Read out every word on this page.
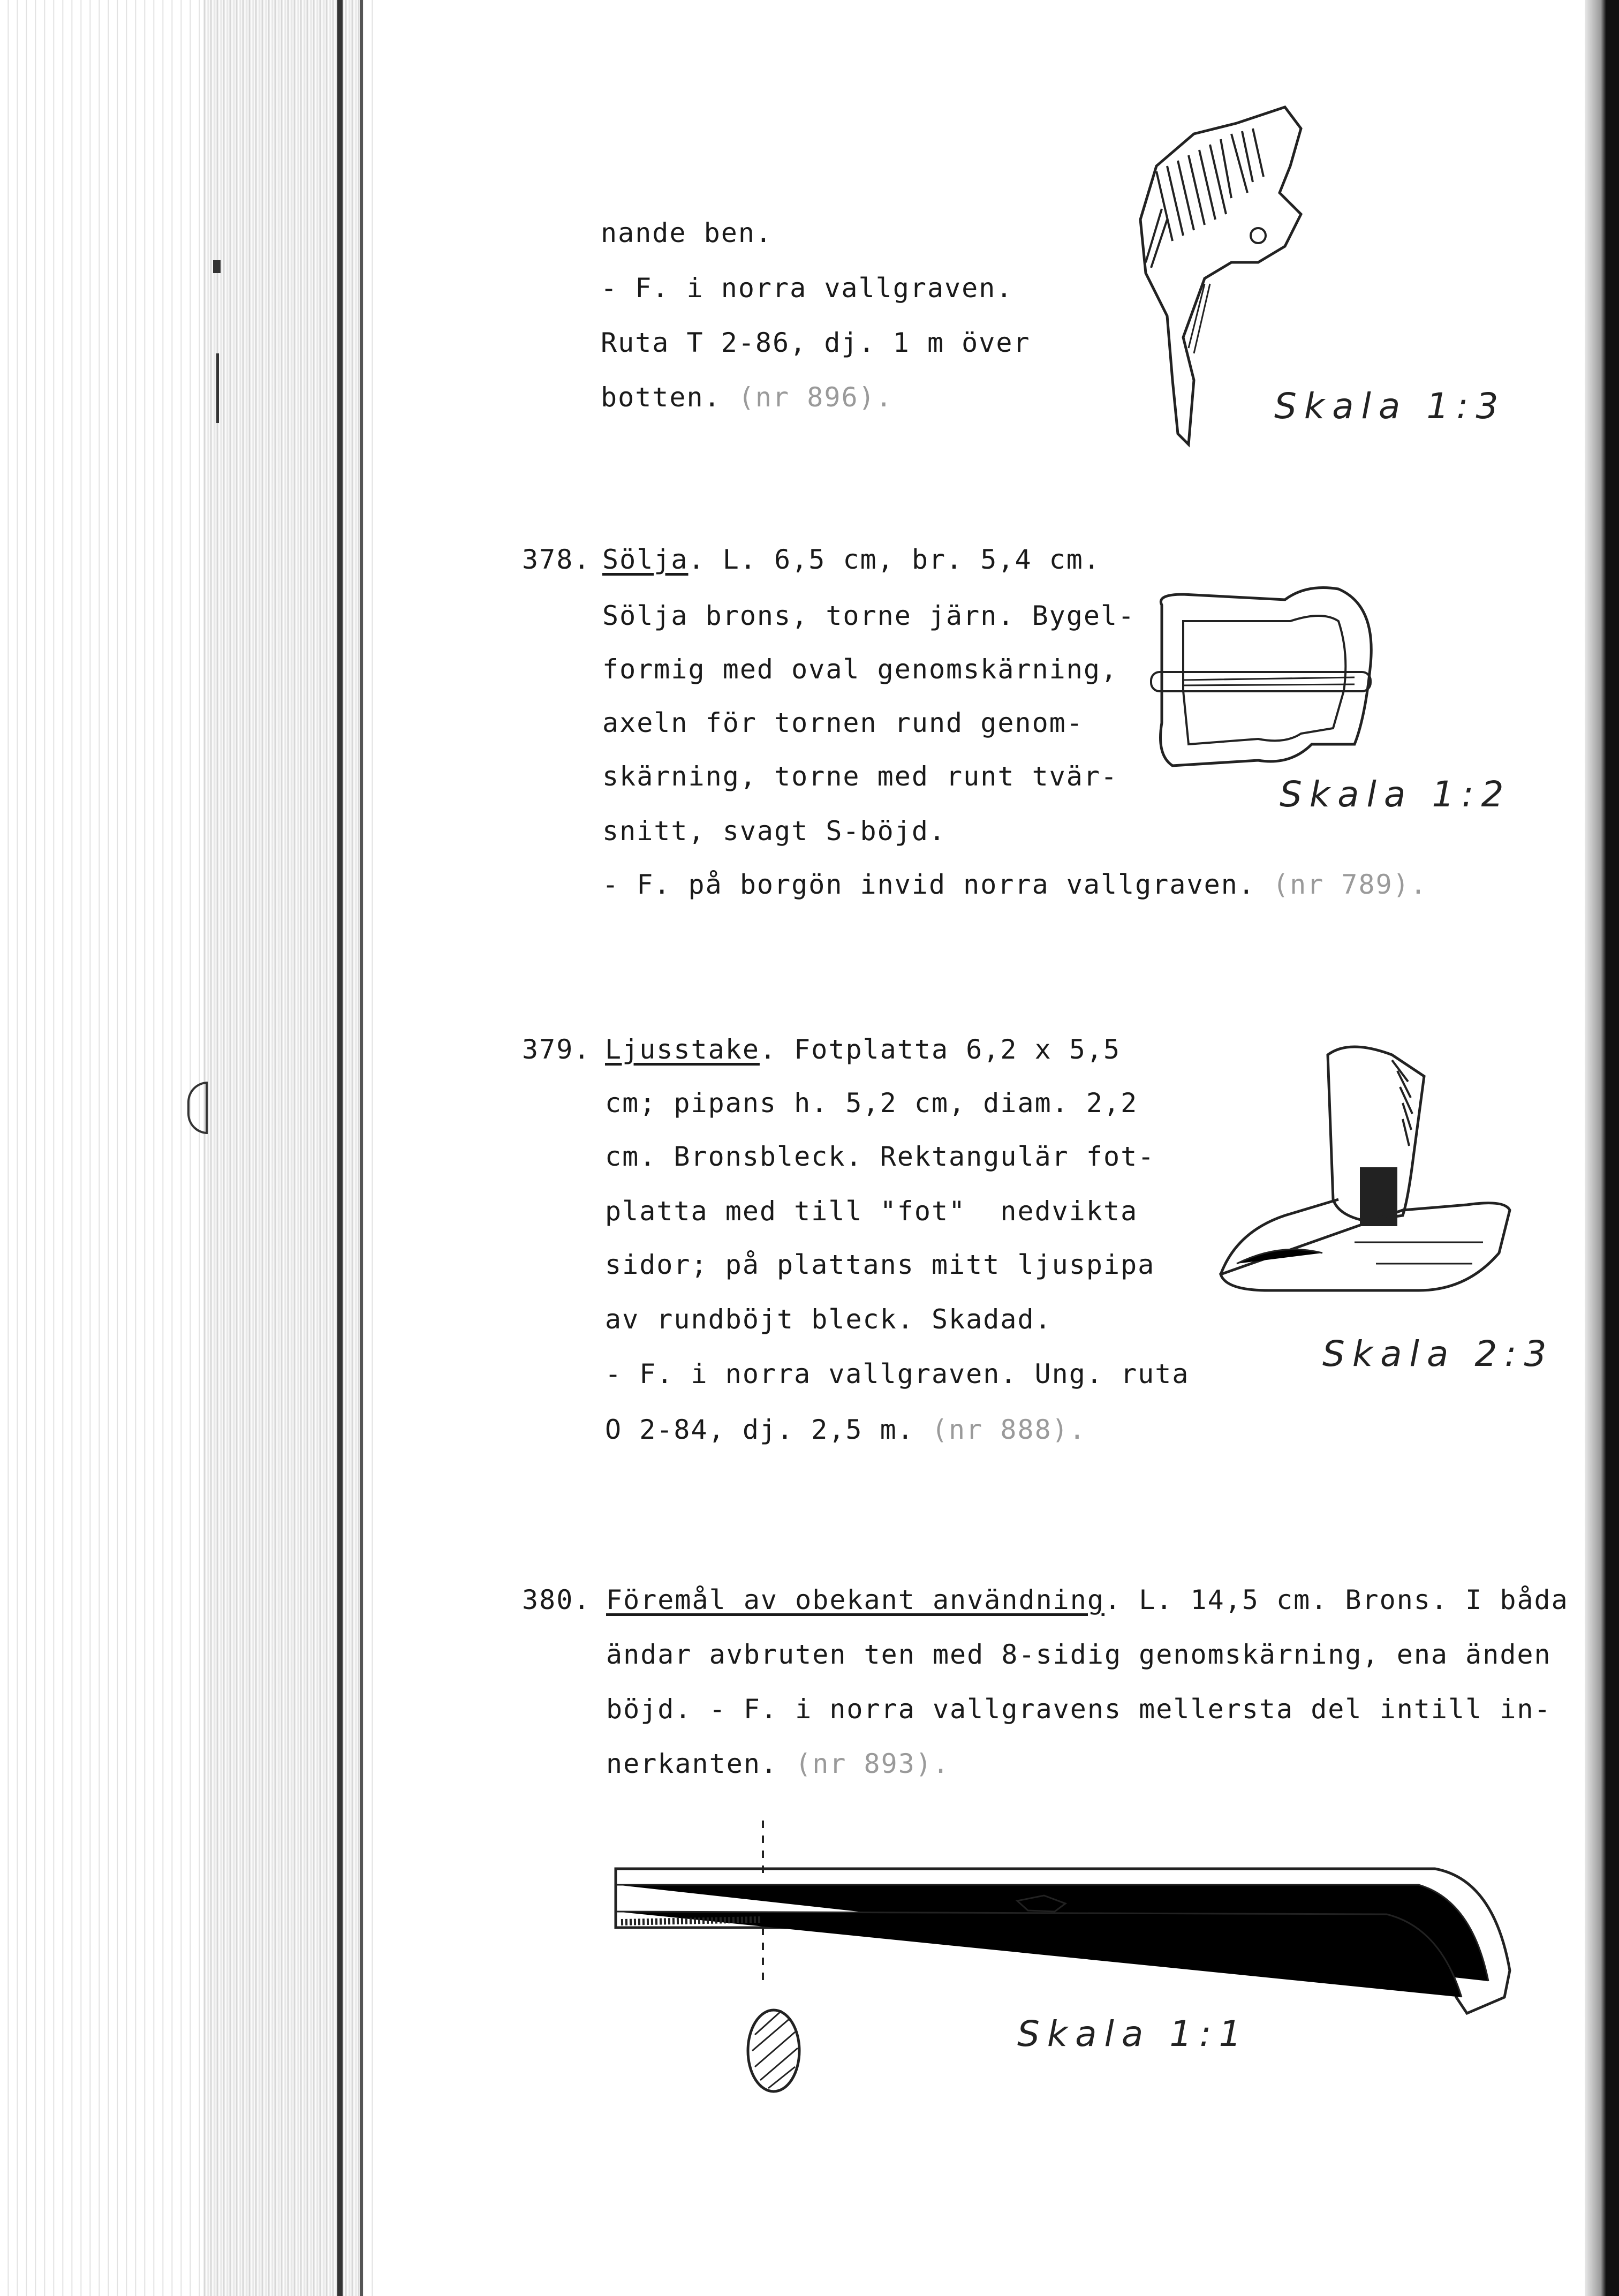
nande ben.
- F. i norra vallgraven.
Ruta T 2-86, dj. 1 m över
botten. (nr 896).	Skala 1:3
378. Sölja. L. 6,5 cm, br. 5,4 cm.
Sölja brons, torne järn. Bygel-
formig med oval genomskärning,
axeln för tornen rund genom-
skärning, torne med runt tvär-
snitt, svagt S-böjd.
- F. på borgön invid norra vallgraven. (nr 789).
Skala 1:2
379. Ljusstake. Fotplatta 6,2 x 5,5
cm; pipans h. 5,2 cm, diam. 2,2
cm. Bronsbleck. Rektangulär fot-
platta med till "fot"  nedvikta
sidor; på plattans mitt ljuspipa
av rundböjt bleck. Skadad.
- F. i norra vallgraven. Ung. ruta
O 2-84, dj. 2,5 m. (nr 888).
Skala 2:3
380. Föremål av obekant användning. L. 14,5 cm. Brons. I båda
ändar avbruten ten med 8-sidig genomskärning, ena änden
böjd. - F. i norra vallgravens mellersta del intill in-
nerkanten. (nr 893).
Skala 1:1
